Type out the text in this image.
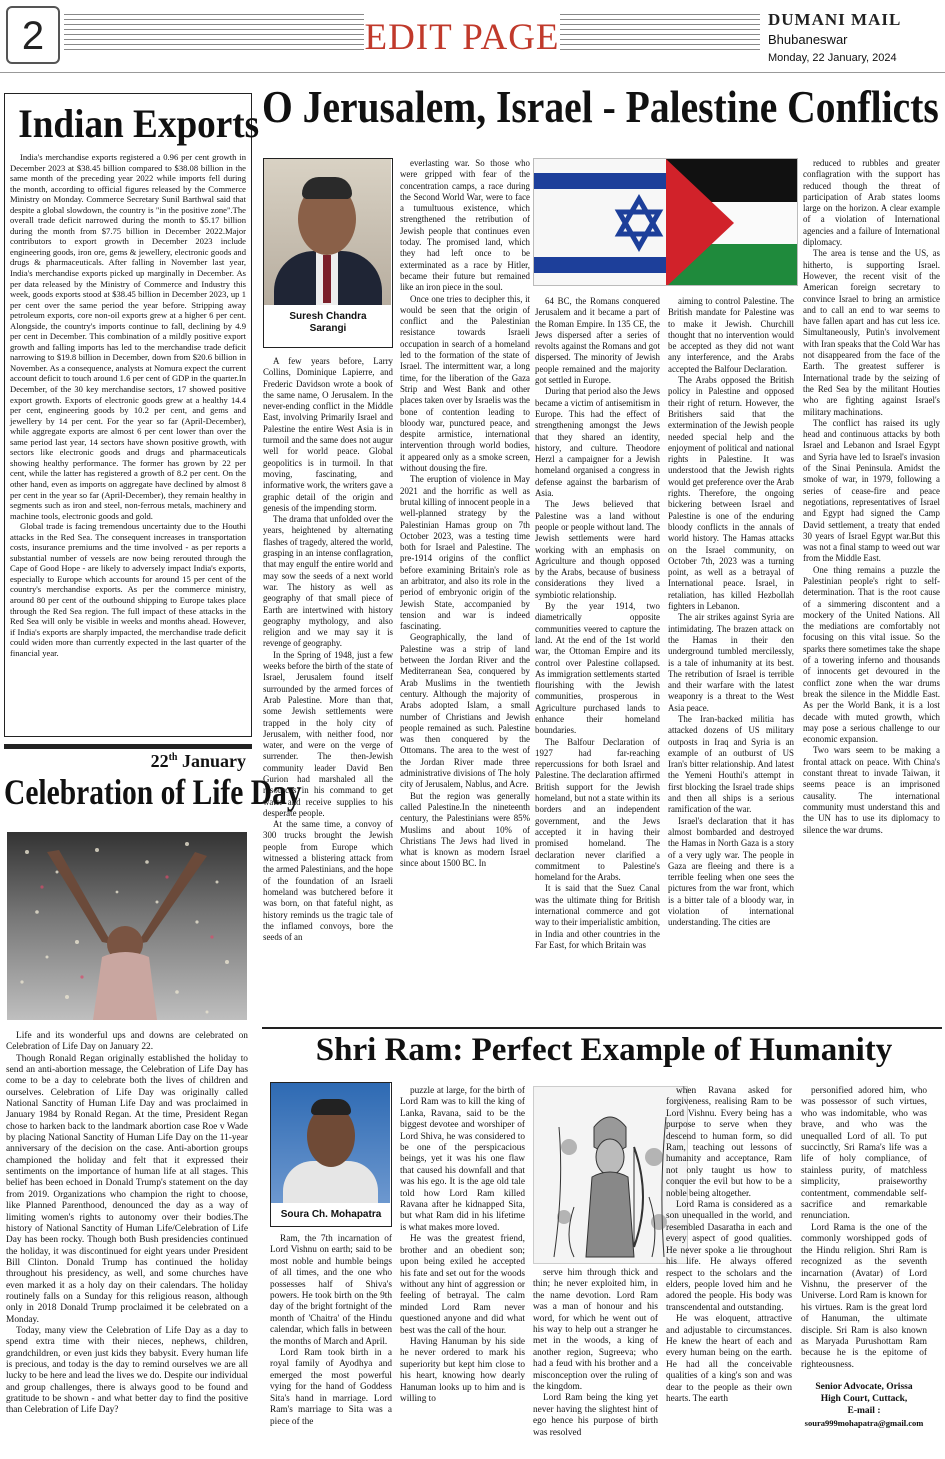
2	EDIT PAGE	DUMANI MAIL
Bhubaneswar
Monday, 22 January, 2024
Indian Exports
India's merchandise exports registered a 0.96 per cent growth in December 2023 at $38.45 billion compared to $38.08 billion in the same month of the preceding year 2022 while imports fell during the month, according to official figures released by the Commerce Ministry on Monday. Commerce Secretary Sunil Barthwal said that despite a global slowdown, the country is "in the positive zone".The overall trade deficit narrowed during the month to $5.17 billion during the month from $7.75 billion in December 2022.Major contributors to export growth in December 2023 include engineering goods, iron ore, gems & jewellery, electronic goods and drugs & pharmaceuticals. After falling in November last year, India's merchandise exports picked up marginally in December. As per data released by the Ministry of Commerce and Industry this week, goods exports stood at $38.45 billion in December 2023, up 1 per cent over the same period the year before. Stripping away petroleum exports, core non-oil exports grew at a higher 6 per cent. Alongside, the country's imports continue to fall, declining by 4.9 per cent in December. This combination of a mildly positive export growth and falling imports has led to the merchandise trade deficit narrowing to $19.8 billion in December, down from $20.6 billion in November. As a consequence, analysts at Nomura expect the current account deficit to touch around 1.6 per cent of GDP in the quarter.In December, of the 30 key merchandise sectors, 17 showed positive export growth. Exports of electronic goods grew at a healthy 14.4 per cent, engineering goods by 10.2 per cent, and gems and jewellery by 14 per cent. For the year so far (April-December), while aggregate exports are almost 6 per cent lower than over the same period last year, 14 sectors have shown positive growth, with sectors like electronic goods and drugs and pharmaceuticals showing healthy performance. The former has grown by 22 per cent, while the latter has registered a growth of 8.2 per cent. On the other hand, even as imports on aggregate have declined by almost 8 per cent in the year so far (April-December), they remain healthy in segments such as iron and steel, non-ferrous metals, machinery and machine tools, electronic goods and gold.
Global trade is facing tremendous uncertainty due to the Houthi attacks in the Red Sea. The consequent increases in transportation costs, insurance premiums and the time involved - as per reports a substantial number of vessels are now being rerouted through the Cape of Good Hope - are likely to adversely impact India's exports, especially to Europe which accounts for around 15 per cent of the country's merchandise exports. As per the commerce ministry, around 80 per cent of the outbound shipping to Europe takes place through the Red Sea region. The full impact of these attacks in the Red Sea will only be visible in weeks and months ahead. However, if India's exports are sharply impacted, the merchandise trade deficit could widen more than currently expected in the last quarter of the financial year.
22th January
Celebration of Life Day
Life and its wonderful ups and downs are celebrated on Celebration of Life Day on January 22.
Though Ronald Regan originally established the holiday to send an anti-abortion message, the Celebration of Life Day has come to be a day to celebrate both the lives of children and ourselves. Celebration of Life Day was originally called National Sanctity of Human Life Day and was proclaimed in January 1984 by Ronald Regan. At the time, President Regan chose to harken back to the landmark abortion case Roe v Wade by placing National Sanctity of Human Life Day on the 11-year anniversary of the decision on the case. Anti-abortion groups championed the holiday and felt that it expressed their sentiments on the importance of human life at all stages. This belief has been echoed in Donald Trump's statement on the day from 2019. Organizations who champion the right to choose, like Planned Parenthood, denounced the day as a way of limiting women's rights to autonomy over their bodies.The history of National Sanctity of Human Life/Celebration of Life Day has been rocky. Though both Bush presidencies continued the holiday, it was discontinued for eight years under President Bill Clinton. Donald Trump has continued the holiday throughout his presidency, as well, and some churches have even marked it as a holy day on their calendars. The holiday routinely falls on a Sunday for this religious reason, although only in 2018 Donald Trump proclaimed it be celebrated on a Monday.
Today, many view the Celebration of Life Day as a day to spend extra time with their nieces, nephews, children, grandchildren, or even just kids they babysit. Every human life is precious, and today is the day to remind ourselves we are all lucky to be here and lead the lives we do. Despite our individual and group challenges, there is always good to be found and gratitude to be shown - and what better day to find the positive than Celebration of Life Day?
O Jerusalem, Israel - Palestine Conflicts
Suresh Chandra
Sarangi
A few years before, Larry Collins, Dominique Lapierre, and Frederic Davidson wrote a book of the same name, O Jerusalem. In the never-ending conflict in the Middle East, involving Primarily Israel and Palestine the entire West Asia is in turmoil and the same does not augur well for world peace. Global geopolitics is in turmoil. In that moving, fascinating, and informative work, the writers gave a graphic detail of the origin and genesis of the impending storm.
The drama that unfolded over the years, heightened by alternating flashes of tragedy, altered the world, grasping in an intense conflagration, that may engulf the entire world and may sow the seeds of a next world war. The history as well as geography of that small piece of Earth are intertwined with history geography mythology, and also religion and we may say it is revenge of geography.
In the Spring of 1948, just a few weeks before the birth of the state of Israel, Jerusalem found itself surrounded by the armed forces of Arab Palestine. More than that, some Jewish settlements were trapped in the holy city of Jerusalem, with neither food, nor water, and were on the verge of surrender. The then-Jewish community leader David Ben Gurion had marshaled all the resources in his command to get water and receive supplies to his desperate people.
At the same time, a convoy of 300 trucks brought the Jewish people from Europe which witnessed a blistering attack from the armed Palestinians, and the hope of the foundation of an Israeli homeland was butchered before it was born, on that fateful night, as history reminds us the tragic tale of the inflamed convoys, bore the seeds of an
everlasting war. So those who were gripped with fear of the concentration camps, a race during the Second World War, were to face a tumultuous existence, which strengthened the retribution of Jewish people that continues even today. The promised land, which they had left once to be exterminated as a race by Hitler, became their future but remained like an iron piece in the soul.
Once one tries to decipher this, it would be seen that the origin of conflict and the Palestinian resistance towards Israeli occupation in search of a homeland led to the formation of the state of Israel. The intermittent war, a long time, for the liberation of the Gaza Strip and West Bank and other places taken over by Israelis was the bone of contention leading to bloody war, punctured peace, and despite armistice, international intervention through world bodies, it appeared only as a smoke screen, without dousing the fire.
The eruption of violence in May 2021 and the horrific as well as brutal killing of innocent people in a well-planned strategy by the Palestinian Hamas group on 7th October 2023, was a testing time both for Israel and Palestine. The pre-1914 origins of the conflict before examining Britain's role as an arbitrator, and also its role in the period of embryonic origin of the Jewish State, accompanied by tension and war is indeed fascinating.
Geographically, the land of Palestine was a strip of land between the Jordan River and the Mediterranean Sea, conquered by Arab Muslims in the twentieth century. Although the majority of Arabs adopted Islam, a small number of Christians and Jewish people remained as such. Palestine was then conquered by the Ottomans. The area to the west of the Jordan River made three administrative divisions of The holy city of Jerusalem, Nablus, and Acre.
But the region was generally called Palestine.In the nineteenth century, the Palestinians were 85% Muslims and about 10% of Christians The Jews had lived in what is known as modern Israel since about 1500 BC. In
64 BC, the Romans conquered Jerusalem and it became a part of the Roman Empire. In 135 CE, the Jews dispersed after a series of revolts against the Romans and got dispersed. The minority of Jewish people remained and the majority got settled in Europe.
During that period also the Jews became a victim of antisemitism in Europe. This had the effect of strengthening amongst the Jews that they shared an identity, history, and culture. Theodore Herzl a campaigner for a Jewish homeland organised a congress in defense against the barbarism of Asia.
The Jews believed that Palestine was a land without people or people without land. The Jewish settlements were hard working with an emphasis on Agriculture and though opposed by the Arabs, because of business considerations they lived a symbiotic relationship.
By the year 1914, two diametrically opposite communities veered to capture the land. At the end of the 1st world war, the Ottoman Empire and its control over Palestine collapsed. As immigration settlements started flourishing with the Jewish communities, prosperous in Agriculture purchased lands to enhance their homeland boundaries.
The Balfour Declaration of 1927 had far-reaching repercussions for both Israel and Palestine. The declaration affirmed British support for the Jewish homeland, but not a state within its borders and an independent government, and the Jews accepted it in having their promised homeland. The declaration never clarified a commitment to Palestine's homeland for the Arabs.
It is said that the Suez Canal was the ultimate thing for British international commerce and got way to their imperialistic ambition, in India and other countries in the Far East, for which Britain was
aiming to control Palestine. The British mandate for Palestine was to make it Jewish. Churchill thought that no intervention would be accepted as they did not want any interference, and the Arabs accepted the Balfour Declaration.
The Arabs opposed the British policy in Palestine and opposed their right of return. However, the Britishers said that the extermination of the Jewish people needed special help and the enjoyment of political and national rights in Palestine. It was understood that the Jewish rights would get preference over the Arab rights. Therefore, the ongoing bickering between Israel and Palestine is one of the enduring bloody conflicts in the annals of world history. The Hamas attacks on the Israel community, on October 7th, 2023 was a turning point, as well as a betrayal of International peace. Israel, in retaliation, has killed Hezbollah fighters in Lebanon.
The air strikes against Syria are intimidating. The brazen attack on the Hamas in their den underground tumbled mercilessly, is a tale of inhumanity at its best. The retribution of Israel is terrible and their warfare with the latest weaponry is a threat to the West Asia peace.
The Iran-backed militia has attacked dozens of US military outposts in Iraq and Syria is an example of an outburst of US Iran's bitter relationship. And latest the Yemeni Houthi's attempt in first blocking the Israel trade ships and then all ships is a serious ramification of the war.
Israel's declaration that it has almost bombarded and destroyed the Hamas in North Gaza is a story of a very ugly war. The people in Gaza are fleeing and there is a terrible feeling when one sees the pictures from the war front, which is a bitter tale of a bloody war, in violation of international understanding. The cities are
reduced to rubbles and greater conflagration with the support has reduced though the threat of participation of Arab states looms large on the horizon. A clear example of a violation of International agencies and a failure of International diplomacy.
The area is tense and the US, as hitherto, is supporting Israel. However, the recent visit of the American foreign secretary to convince Israel to bring an armistice and to call an end to war seems to have fallen apart and has cut less ice. Simultaneously, Putin's involvement with Iran speaks that the Cold War has not disappeared from the face of the Earth. The greatest sufferer is International trade by the seizing of the Red Sea by the militant Houties who are fighting against Israel's military machinations.
The conflict has raised its ugly head and continuous attacks by both Israel and Lebanon and Israel Egypt and Syria have led to Israel's invasion of the Sinai Peninsula. Amidst the smoke of war, in 1979, following a series of cease-fire and peace negotiations, representatives of Israel and Egypt had signed the Camp David settlement, a treaty that ended 30 years of Israel Egypt war.But this was not a final stamp to weed out war from the Middle East.
One thing remains a puzzle the Palestinian people's right to self-determination. That is the root cause of a simmering discontent and a mockery of the United Nations. All the mediations are comfortably not focusing on this vital issue. So the sparks there sometimes take the shape of a towering inferno and thousands of innocents get devoured in the conflict zone when the war drums break the silence in the Middle East. As per the World Bank, it is a lost decade with muted growth, which may pose a serious challenge to our economic expansion.
Two wars seem to be making a frontal attack on peace. With China's constant threat to invade Taiwan, it seems peace is an imprisoned causality. The international community must understand this and the UN has to use its diplomacy to silence the war drums.
Shri Ram: Perfect Example of Humanity
Soura Ch. Mohapatra
Ram, the 7th incarnation of Lord Vishnu on earth; said to be most noble and humble beings of all times, and the one who possesses half of Shiva's powers. He took birth on the 9th day of the bright fortnight of the month of 'Chaitra' of the Hindu calendar, which falls in between the months of March and April.
Lord Ram took birth in a royal family of Ayodhya and emerged the most powerful vying for the hand of Goddess Sita's hand in marriage. Lord Ram's marriage to Sita was a piece of the
puzzle at large, for the birth of Lord Ram was to kill the king of Lanka, Ravana, said to be the biggest devotee and worshiper of Lord Shiva, he was considered to be one of the perspicacious beings, yet it was his one flaw that caused his downfall and that was his ego. It is the age old tale told how Lord Ram killed Ravana after he kidnapped Sita, but what Ram did in his lifetime is what makes more loved.
He was the greatest friend, brother and an obedient son; upon being exiled he accepted his fate and set out for the woods without any hint of aggression or feeling of betrayal. The calm minded Lord Ram never questioned anyone and did what best was the call of the hour.
Having Hanuman by his side he never ordered to mark his superiority but kept him close to his heart, knowing how dearly Hanuman looks up to him and is willing to
serve him through thick and thin; he never exploited him, in the name devotion. Lord Ram was a man of honour and his word, for which he went out of his way to help out a stranger he met in the woods, a king of another region, Sugreeva; who had a feud with his brother and a misconception over the ruling of the kingdom.
Lord Ram being the king yet never having the slightest hint of ego hence his purpose of birth was resolved
when Ravana asked for forgiveness, realising Ram to be Lord Vishnu. Every being has a purpose to serve when they descend to human form, so did Ram, teaching out lessons of humanity and acceptance, Ram not only taught us how to conquer the evil but how to be a noble being altogether.
Lord Rama is considered as a son unequalled in the world, and resembled Dasaratha in each and every aspect of good qualities. He never spoke a lie throughout his life. He always offered respect to the scholars and the elders, people loved him and he adored the people. His body was transcendental and outstanding.
He was eloquent, attractive and adjustable to circumstances. He knew the heart of each and every human being on the earth. He had all the conceivable qualities of a king's son and was dear to the people as their own hearts. The earth
personified adored him, who was possessor of such virtues, who was indomitable, who was brave, and who was the unequalled Lord of all. To put succinctly, Sri Rama's life was a life of holy compliance, of stainless purity, of matchless simplicity, praiseworthy contentment, commendable self-sacrifice and remarkable renunciation.
Lord Rama is the one of the commonly worshipped gods of the Hindu religion. Shri Ram is recognized as the seventh incarnation (Avatar) of Lord Vishnu, the preserver of the Universe. Lord Ram is known for his virtues. Ram is the great lord of Hanuman, the ultimate disciple. Sri Ram is also known as Maryada Purushottam Ram because he is the epitome of righteousness.
Senior Advocate, Orissa
High Court, Cuttack,
E-mail :
soura999mohapatra@gmail.com
